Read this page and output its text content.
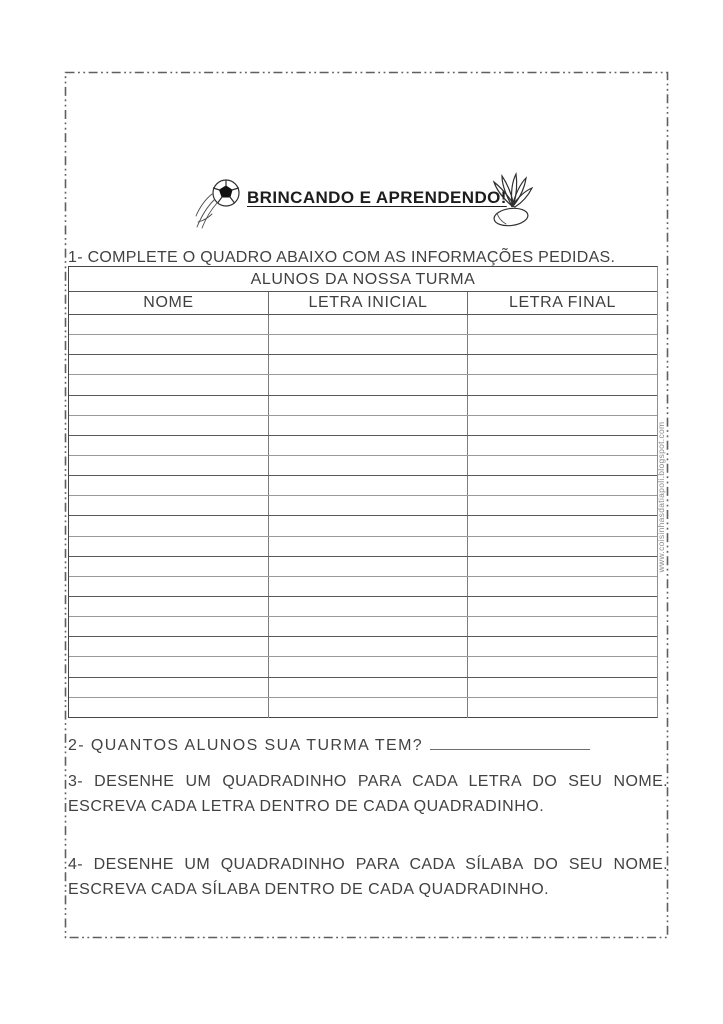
BRINCANDO E APRENDENDO!

1- COMPLETE O QUADRO ABAIXO COM AS INFORMAÇÕES PEDIDAS.

ALUNOS DA NOSSA TURMA
NOME	LETRA INICIAL	LETRA FINAL
2- QUANTOS ALUNOS SUA TURMA TEM?
3- DESENHE UM QUADRADINHO PARA CADA LETRA DO SEU NOME.
ESCREVA CADA LETRA DENTRO DE CADA QUADRADINHO.
4- DESENHE UM QUADRADINHO PARA CADA SÍLABA DO SEU NOME.
ESCREVA CADA SÍLABA DENTRO DE CADA QUADRADINHO.
www.coisinhasdatiapoli.blogspot.com
